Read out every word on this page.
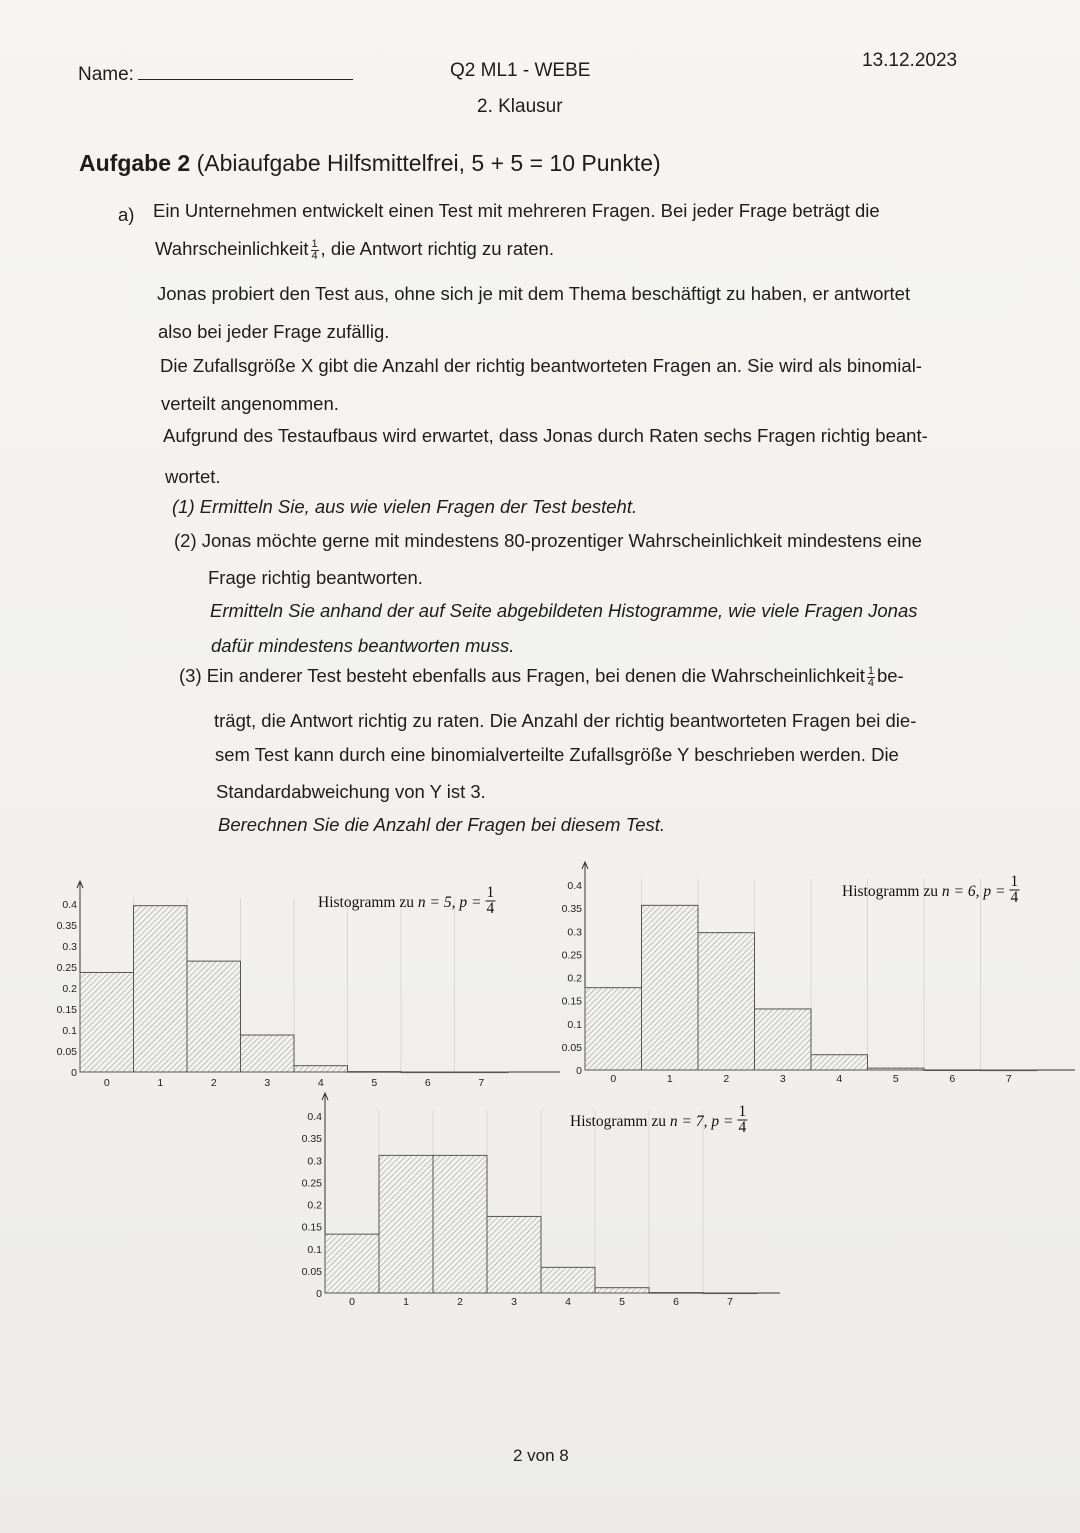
Name:	Q2 ML1 - WEBE
2. Klausur
13.12.2023
Aufgabe 2 (Abiaufgabe Hilfsmittelfrei, 5 + 5 = 10 Punkte)
a) Ein Unternehmen entwickelt einen Test mit mehreren Fragen. Bei jeder Frage beträgt die
Wahrscheinlichkeit $\frac{1}{4}$ , die Antwort richtig zu raten.
Jonas probiert den Test aus, ohne sich je mit dem Thema beschäftigt zu haben, er antwortet
also bei jeder Frage zufällig.
Die Zufallsgröße X gibt die Anzahl der richtig beantworteten Fragen an. Sie wird als binomial-
verteilt angenommen.
Aufgrund des Testaufbaus wird erwartet, dass Jonas durch Raten sechs Fragen richtig beant-
wortet.
(1) Ermitteln Sie, aus wie vielen Fragen der Test besteht.
(2) Jonas möchte gerne mit mindestens 80-prozentiger Wahrscheinlichkeit mindestens eine
Frage richtig beantworten.
Ermitteln Sie anhand der auf Seite abgebildeten Histogramme, wie viele Fragen Jonas
dafür mindestens beantworten muss.
(3) Ein anderer Test besteht ebenfalls aus Fragen, bei denen die Wahrscheinlichkeit $\frac{1}{4} be-$
trägt, die Antwort richtig zu raten. Die Anzahl der richtig beantworteten Fragen bei die-
sem Test kann durch eine binomialverteilte Zufallsgröße Y beschrieben werden. Die
Standardabweichung von Y ist 3.
Berechnen Sie die Anzahl der Fragen bei diesem Test.
0.4
0.35
0.3
0.25
0.2
0.15
0.1
0.05
0
0	1	2	3	4	5	6	7
Histogramm zu n = 5, p =
1
4
0.4
0.35
0.3
0.25
0.2
0.15
0.1
0.05
0
0	1	2	3	4	5	6	7
Histogramm zu n = 6, p =
1
4
0.4
0.35
0.3
0.25
0.2
0.15
0.1
0.05
0
0	1	2	3	4	5	6	7
Histogramm zu n = 7, p =
1
4
2 von 8
